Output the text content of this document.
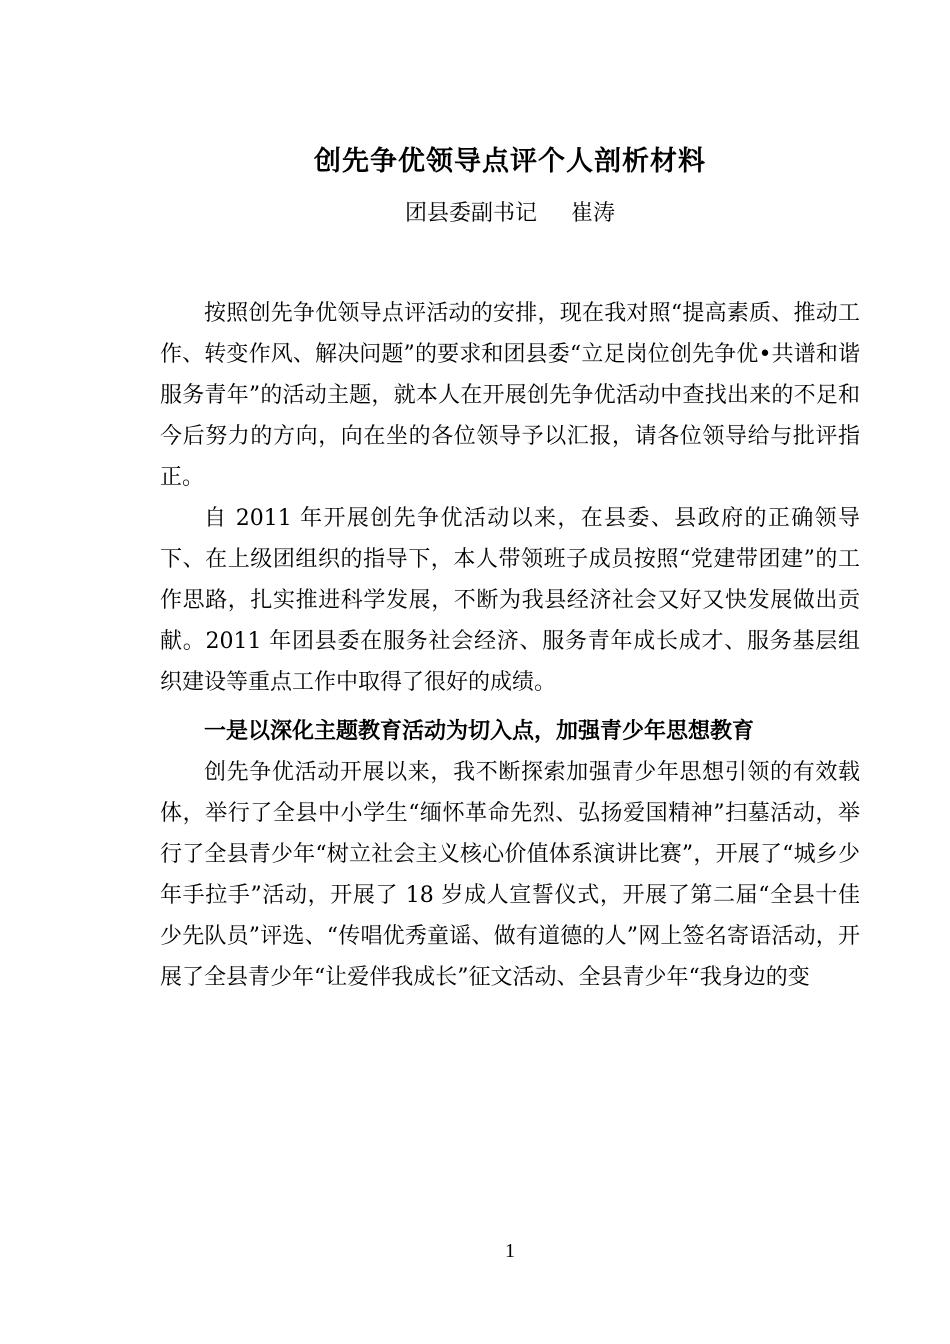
创先争优领导点评个人剖析材料
团县委副书记 崔涛

按照创先争优领导点评活动的安排，现在我对照“提高素质、推动工作、转变作风、解决问题”的要求和团县委“立足岗位创先争优•共谱和谐服务青年”的活动主题，就本人在开展创先争优活动中查找出来的不足和今后努力的方向，向在坐的各位领导予以汇报，请各位领导给与批评指正。

自 2011 年开展创先争优活动以来，在县委、县政府的正确领导下、在上级团组织的指导下，本人带领班子成员按照“党建带团建”的工作思路，扎实推进科学发展，不断为我县经济社会又好又快发展做出贡献。2011 年团县委在服务社会经济、服务青年成长成才、服务基层组织建设等重点工作中取得了很好的成绩。

一是以深化主题教育活动为切入点，加强青少年思想教育

创先争优活动开展以来，我不断探索加强青少年思想引领的有效载体，举行了全县中小学生“缅怀革命先烈、弘扬爱国精神”扫墓活动，举行了全县青少年“树立社会主义核心价值体系演讲比赛”，开展了“城乡少年手拉手”活动，开展了 18 岁成人宣誓仪式，开展了第二届“全县十佳少先队员”评选、“传唱优秀童谣、做有道德的人”网上签名寄语活动，开展了全县青少年“让爱伴我成长”征文活动、全县青少年“我身边的变

1
